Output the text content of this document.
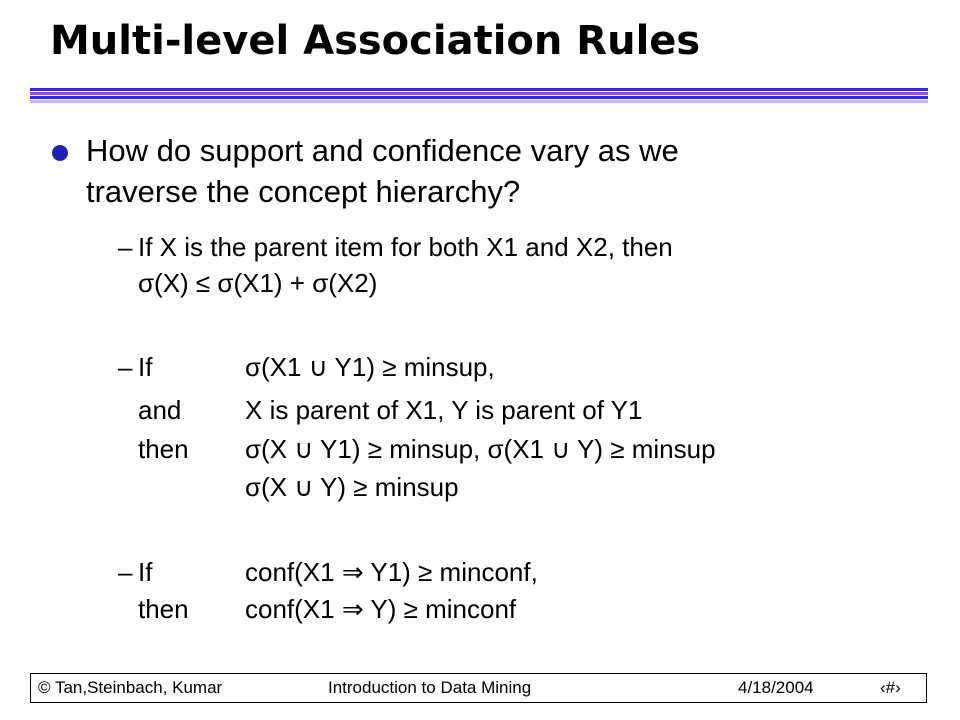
Multi-level Association Rules
How do support and confidence vary as we
traverse the concept hierarchy?
– If X is the parent item for both X1 and X2, then
σ(X) ≤ σ(X1) + σ(X2)
– If	σ(X1 ∪ Y1) ≥ minsup,
and X is parent of X1, Y is parent of Y1
then σ(X ∪ Y1) ≥ minsup, σ(X1 ∪ Y) ≥ minsup
σ(X ∪ Y) ≥ minsup
– If	conf(X1 ⇒ Y1) ≥ minconf,
then conf(X1 ⇒ Y) ≥ minconf
© Tan,Steinbach, Kumar	Introduction to Data Mining	4/18/2004	‹#›
